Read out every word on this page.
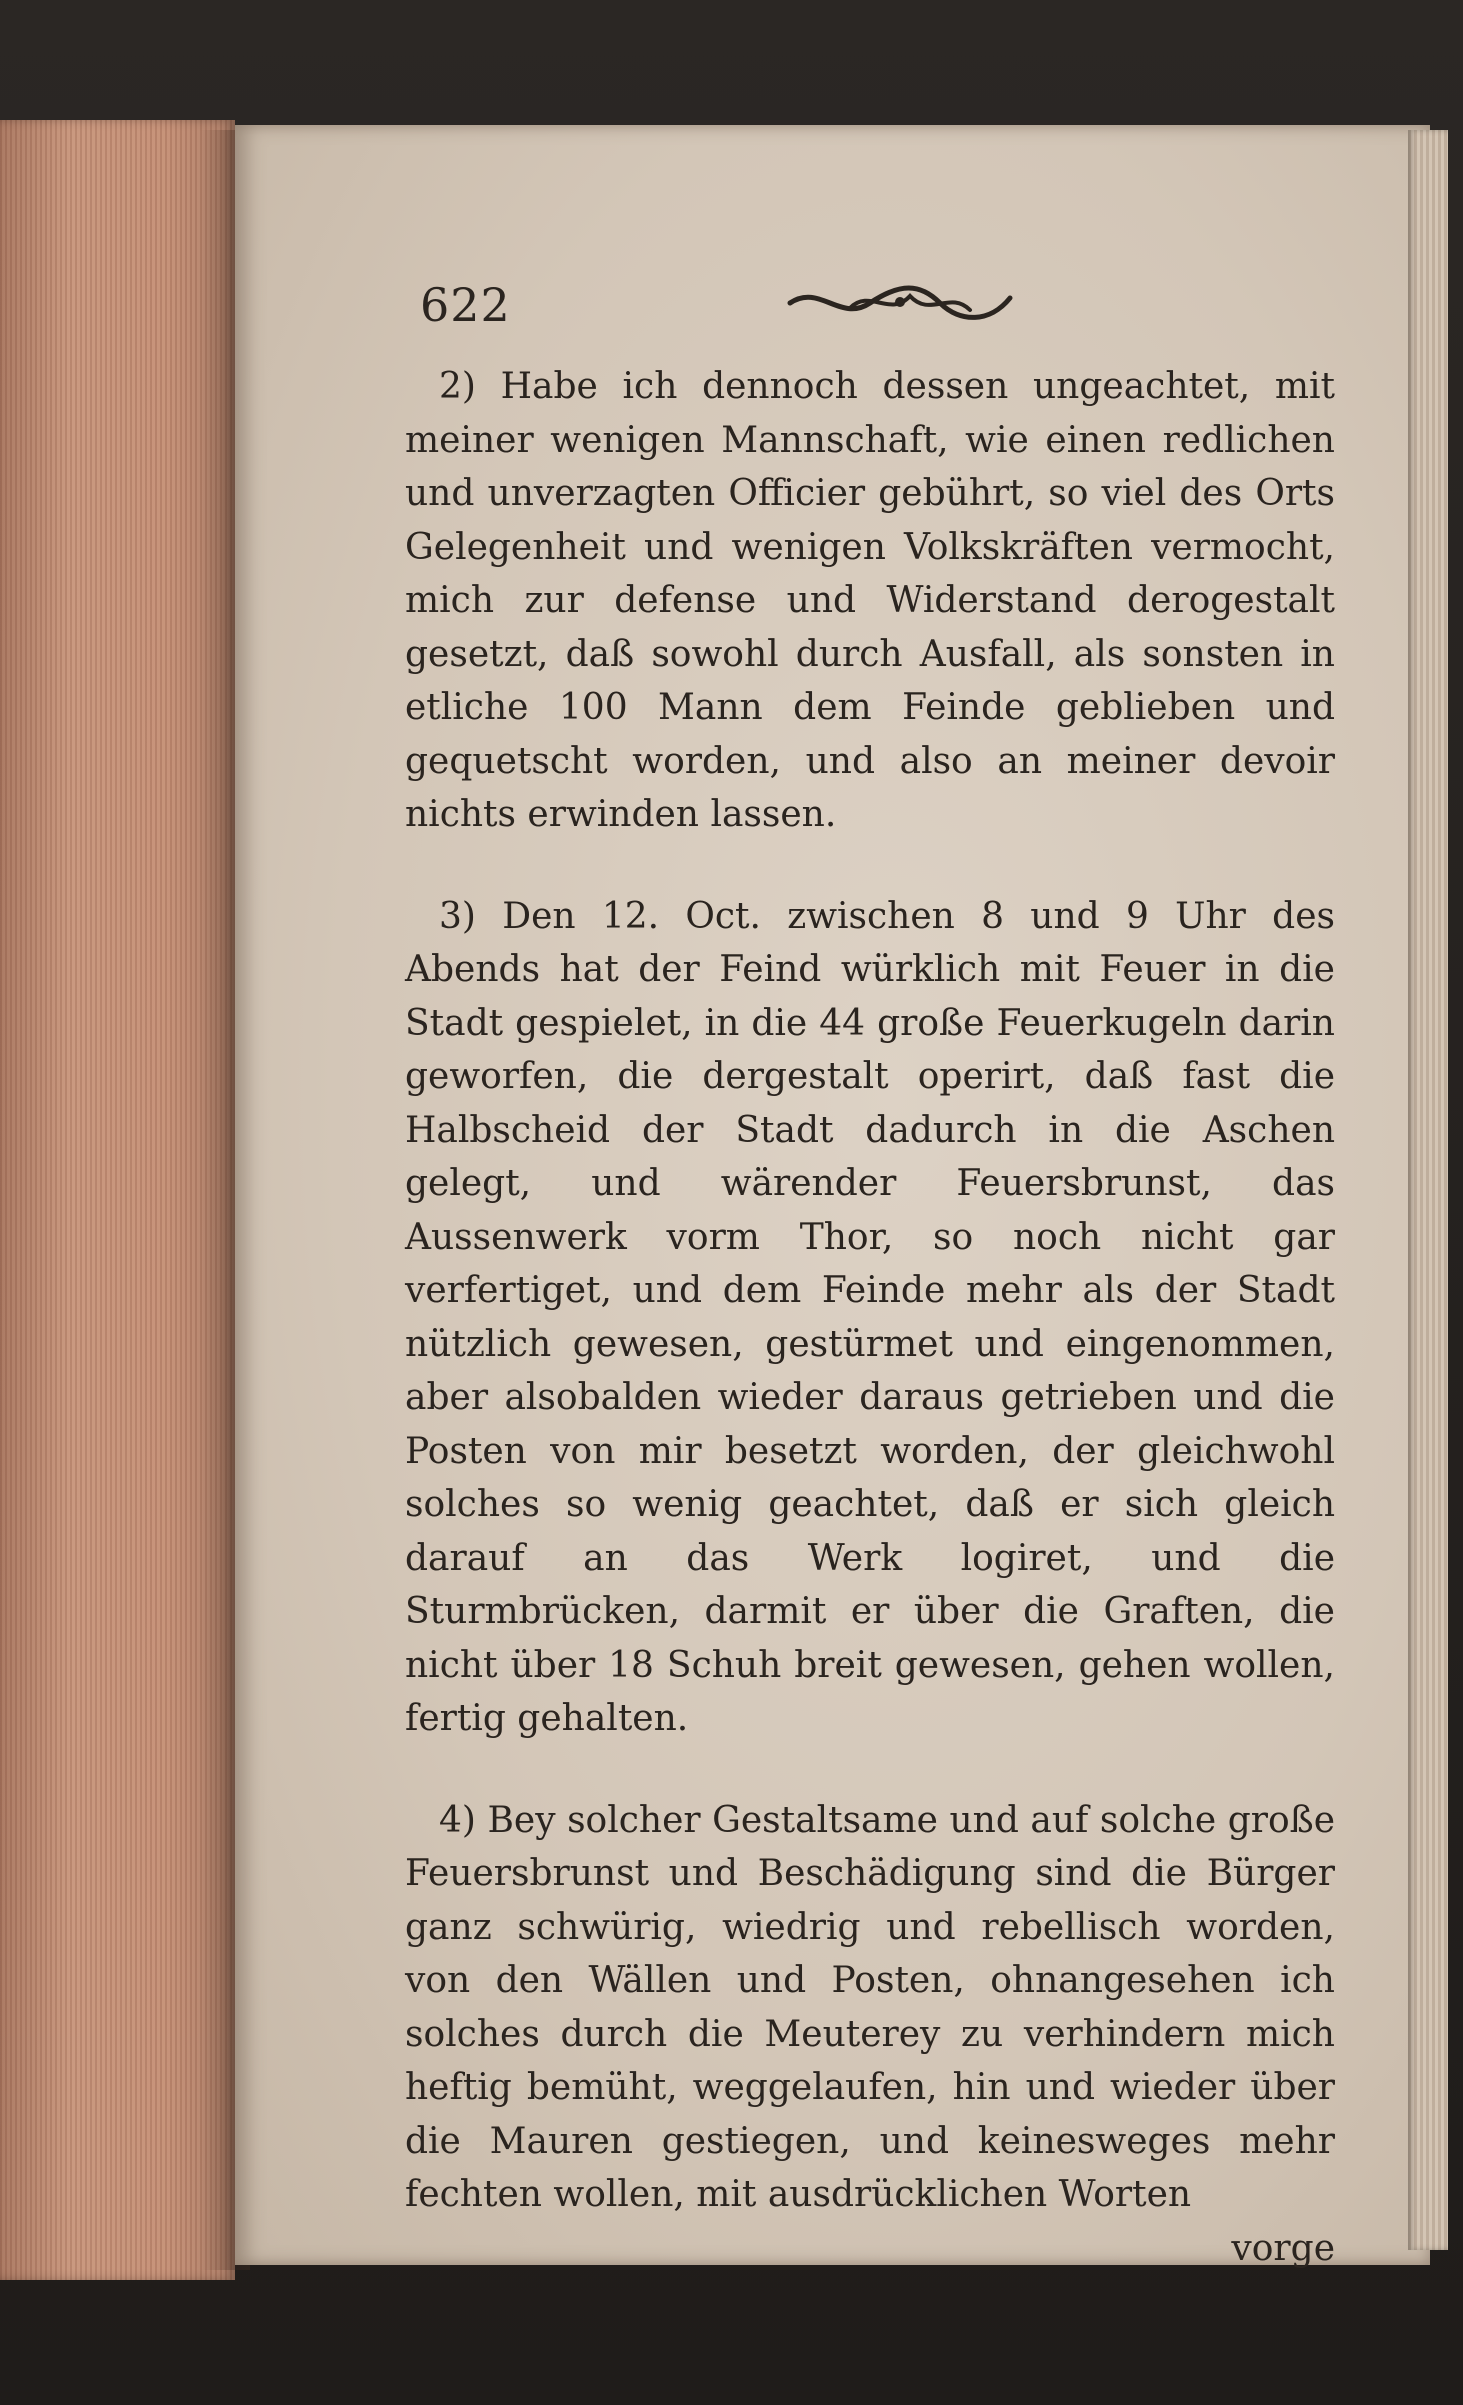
622

2) Habe ich dennoch dessen ungeachtet, mit meiner wenigen Mannschaft, wie einen redlichen und unverzagten Officier gebührt, so viel des Orts Gelegenheit und wenigen Volkskräften vermocht, mich zur defense und Widerstand derogestalt gesetzt, daß sowohl durch Ausfall, als sonsten in etliche 100 Mann dem Feinde geblieben und gequetscht worden, und also an meiner devoir nichts erwinden lassen.

3) Den 12. Oct. zwischen 8 und 9 Uhr des Abends hat der Feind würklich mit Feuer in die Stadt gespielet, in die 44 große Feuerkugeln darin geworfen, die dergestalt operirt, daß fast die Halbscheid der Stadt dadurch in die Aschen gelegt, und wärender Feuersbrunst, das Aussenwerk vorm Thor, so noch nicht gar verfertiget, und dem Feinde mehr als der Stadt nützlich gewesen, gestürmet und eingenommen, aber alsobalden wieder daraus getrieben und die Posten von mir besetzt worden, der gleichwohl solches so wenig geachtet, daß er sich gleich darauf an das Werk logiret, und die Sturmbrücken, darmit er über die Graften, die nicht über 18 Schuh breit gewesen, gehen wollen, fertig gehalten.

4) Bey solcher Gestaltsame und auf solche große Feuersbrunst und Beschädigung sind die Bürger ganz schwürig, wiedrig und rebellisch worden, von den Wällen und Posten, ohnangesehen ich solches durch die Meuterey zu verhindern mich heftig bemüht, weggelaufen, hin und wieder über die Mauren gestiegen, und keinesweges mehr fechten wollen, mit ausdrücklichen Worten

vorge
